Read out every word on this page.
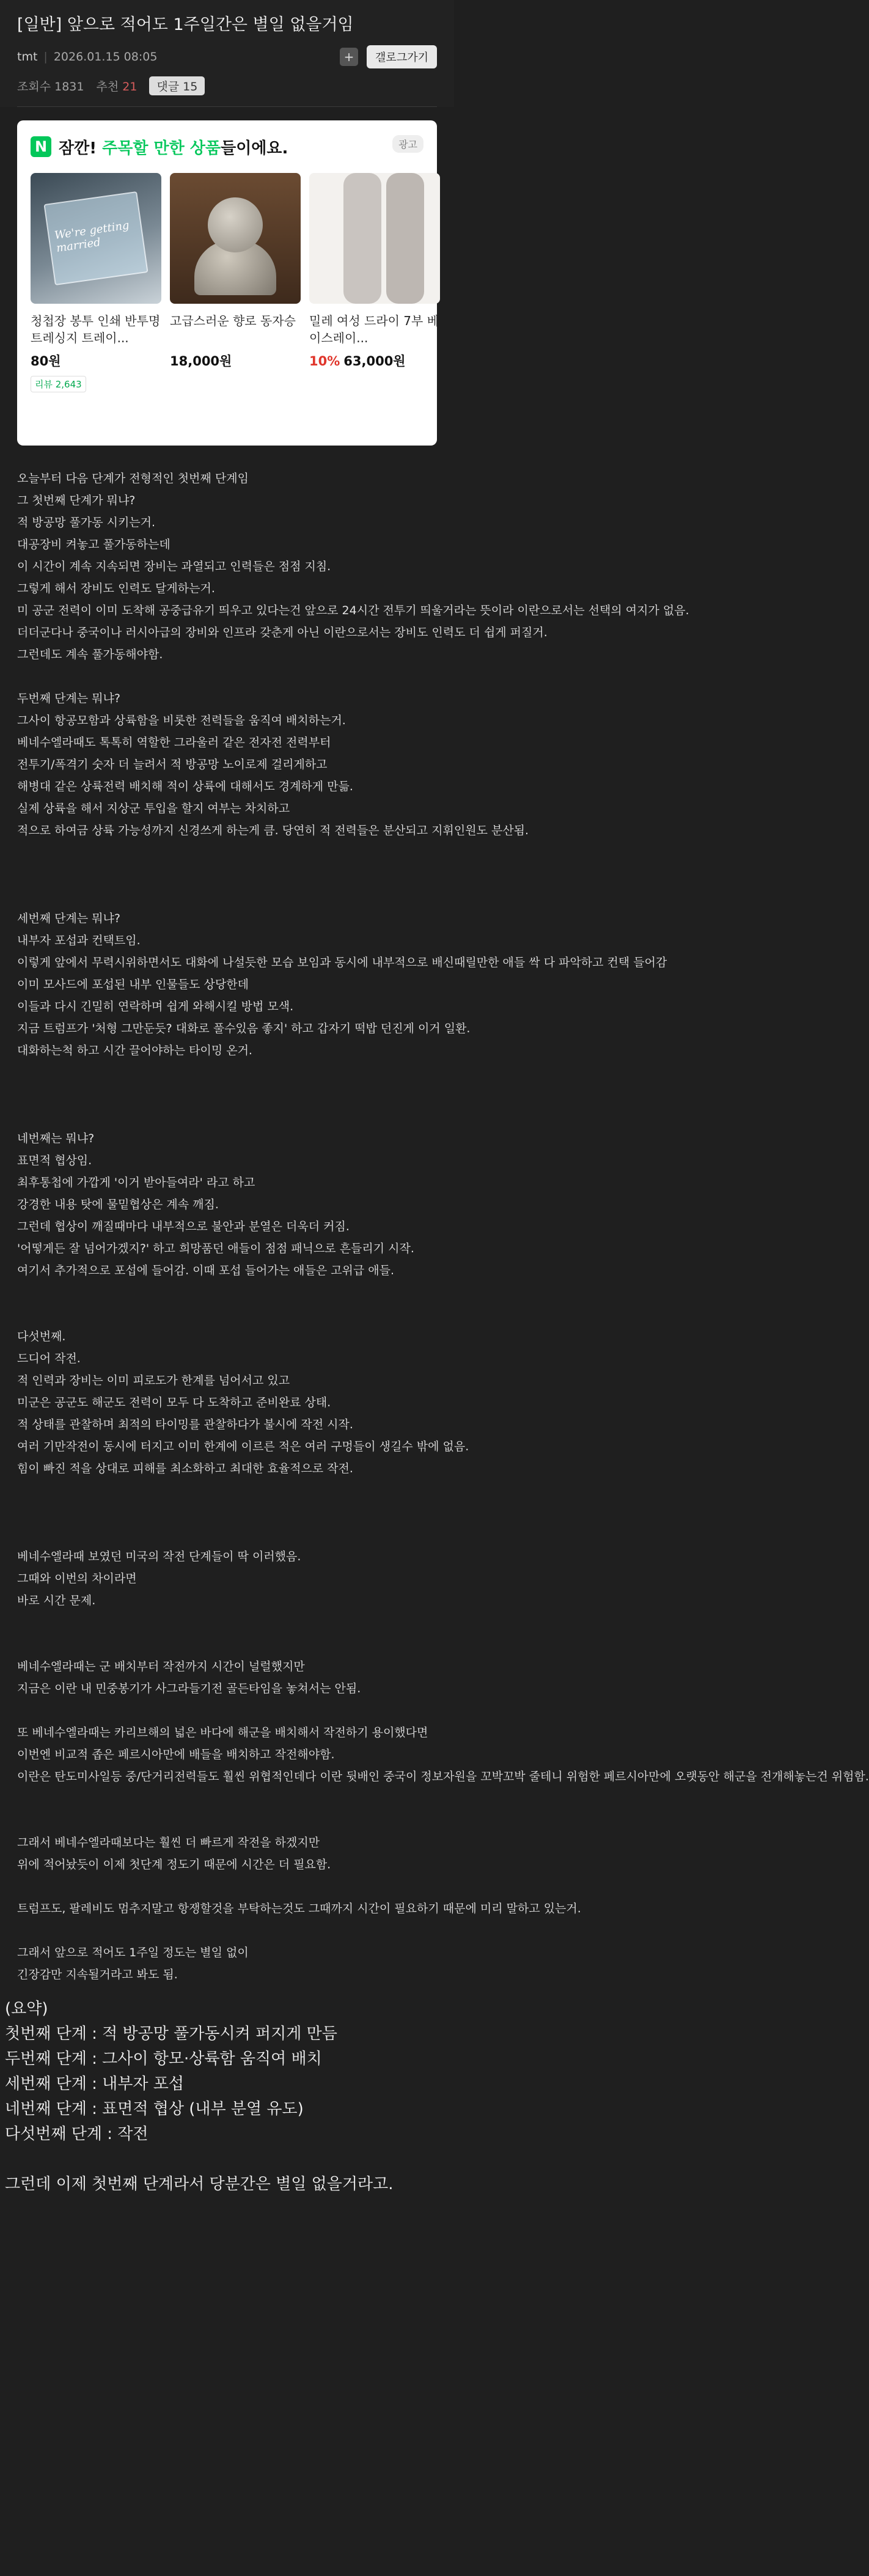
[일반] 앞으로 적어도 1주일간은 별일 없을거임
tmt | 2026.01.15 08:05	+	갤로그가기
조회수 1831 추천 21	댓글 15
N 잠깐! 주목할 만한 상품들이에요.	광고
We're getting married
청첩장 봉투 인쇄 반투명 트레싱지 트레이...
80원
리뷰 2,643
고급스러운 향로 동자승
18,000원
밀레 여성 드라이 7부 베이스레이...
10% 63,000원

오늘부터 다음 단계가 전형적인 첫번째 단계임

그 첫번째 단계가 뭐냐?

적 방공망 풀가동 시키는거.

대공장비 켜놓고 풀가동하는데

이 시간이 계속 지속되면 장비는 과열되고 인력들은 점점 지침.

그렇게 해서 장비도 인력도 달게하는거.

미 공군 전력이 이미 도착해 공중급유기 띄우고 있다는건 앞으로 24시간 전투기 띄울거라는 뜻이라 이란으로서는 선택의 여지가 없음.

더더군다나 중국이나 러시아급의 장비와 인프라 갖춘게 아닌 이란으로서는 장비도 인력도 더 쉽게 퍼질거.

그런데도 계속 풀가동해야함.

두번째 단계는 뭐냐?

그사이 항공모함과 상륙함을 비롯한 전력들을 움직여 배치하는거.

베네수엘라때도 톡톡히 역할한 그라울러 같은 전자전 전력부터

전투기/폭격기 숫자 더 늘려서 적 방공망 노이로제 걸리게하고

해병대 같은 상륙전력 배치해 적이 상륙에 대해서도 경계하게 만듦.

실제 상륙을 해서 지상군 투입을 할지 여부는 차치하고

적으로 하여금 상륙 가능성까지 신경쓰게 하는게 큼. 당연히 적 전력들은 분산되고 지휘인원도 분산됨.

세번째 단계는 뭐냐?

내부자 포섭과 컨택트임.

이렇게 앞에서 무력시위하면서도 대화에 나설듯한 모습 보임과 동시에 내부적으로 배신때릴만한 애들 싹 다 파악하고 컨택 들어감

이미 모사드에 포섭된 내부 인물들도 상당한데

이들과 다시 긴밀히 연락하며 쉽게 와해시킬 방법 모색.

지금 트럼프가 '처형 그만둔듯? 대화로 풀수있음 좋지' 하고 갑자기 떡밥 던진게 이거 일환.

대화하는척 하고 시간 끌어야하는 타이밍 온거.

네번째는 뭐냐?

표면적 협상임.

최후통첩에 가깝게 '이거 받아들여라' 라고 하고

강경한 내용 탓에 물밑협상은 계속 깨짐.

그런데 협상이 깨질때마다 내부적으로 불안과 분열은 더욱더 커짐.

'어떻게든 잘 넘어가겠지?' 하고 희망품던 애들이 점점 패닉으로 흔들리기 시작.

여기서 추가적으로 포섭에 들어감. 이때 포섭 들어가는 애들은 고위급 애들.

다섯번째.

드디어 작전.

적 인력과 장비는 이미 피로도가 한계를 넘어서고 있고

미군은 공군도 해군도 전력이 모두 다 도착하고 준비완료 상태.

적 상태를 관찰하며 최적의 타이밍를 관찰하다가 불시에 작전 시작.

여러 기만작전이 동시에 터지고 이미 한계에 이르른 적은 여러 구멍들이 생길수 밖에 없음.

힘이 빠진 적을 상대로 피해를 최소화하고 최대한 효율적으로 작전.

베네수엘라때 보였던 미국의 작전 단계들이 딱 이러했음.

그때와 이번의 차이라면

바로 시간 문제.

베네수엘라때는 군 배치부터 작전까지 시간이 널럴했지만

지금은 이란 내 민중봉기가 사그라들기전 골든타임을 놓쳐서는 안됨.

또 베네수엘라때는 카리브해의 넓은 바다에 해군을 배치해서 작전하기 용이했다면

이번엔 비교적 좁은 페르시아만에 배들을 배치하고 작전해야함.

이란은 탄도미사일등 중/단거리전력들도 훨씬 위협적인데다 이란 뒷배인 중국이 정보자원을 꼬박꼬박 줄테니 위험한 페르시아만에 오랫동안 해군을 전개해놓는건 위험함.

그래서 베네수엘라때보다는 훨씬 더 빠르게 작전을 하겠지만

위에 적어놨듯이 이제 첫단계 정도기 때문에 시간은 더 필요함.

트럼프도, 팔레비도 멈추지말고 항쟁할것을 부탁하는것도 그때까지 시간이 필요하기 때문에 미리 말하고 있는거.

그래서 앞으로 적어도 1주일 정도는 별일 없이

긴장감만 지속될거라고 봐도 됨.

(요약)

첫번째 단계 : 적 방공망 풀가동시켜 퍼지게 만듬

두번째 단계 : 그사이 항모·상륙함 움직여 배치

세번째 단계 : 내부자 포섭

네번째 단계 : 표면적 협상 (내부 분열 유도)

다섯번째 단계 : 작전

그런데 이제 첫번째 단계라서 당분간은 별일 없을거라고.
